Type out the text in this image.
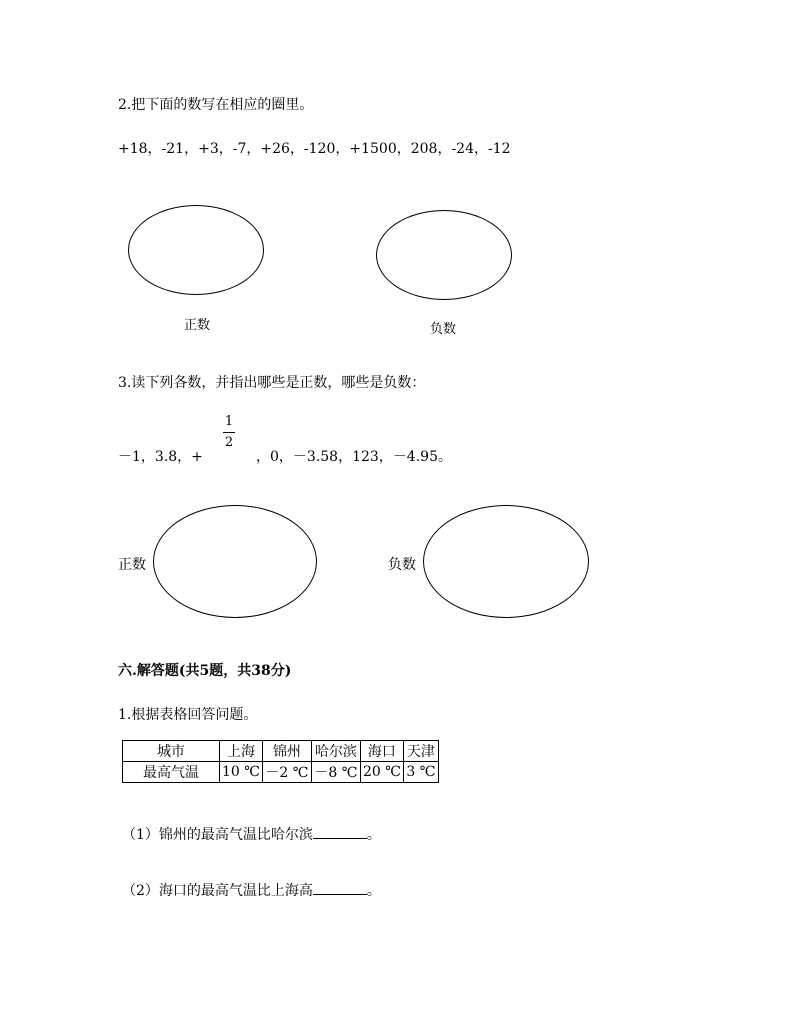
2.把下面的数写在相应的圈里。
+18，-21，+3，-7，+26，-120，+1500，208，-24，-12
正数	负数
3.读下列各数，并指出哪些是正数，哪些是负数：
－1，3.8，+
1
2
，0，－3.58，123，－4.95。
正数	负数
六.解答题(共5题，共38分)
1.根据表格回答问题。
城市	上海	锦州	哈尔滨	海口	天津
最高气温	10 ℃	－2 ℃	－8 ℃	20 ℃	3 ℃
（1）锦州的最高气温比哈尔滨	。
（2）海口的最高气温比上海高	。
